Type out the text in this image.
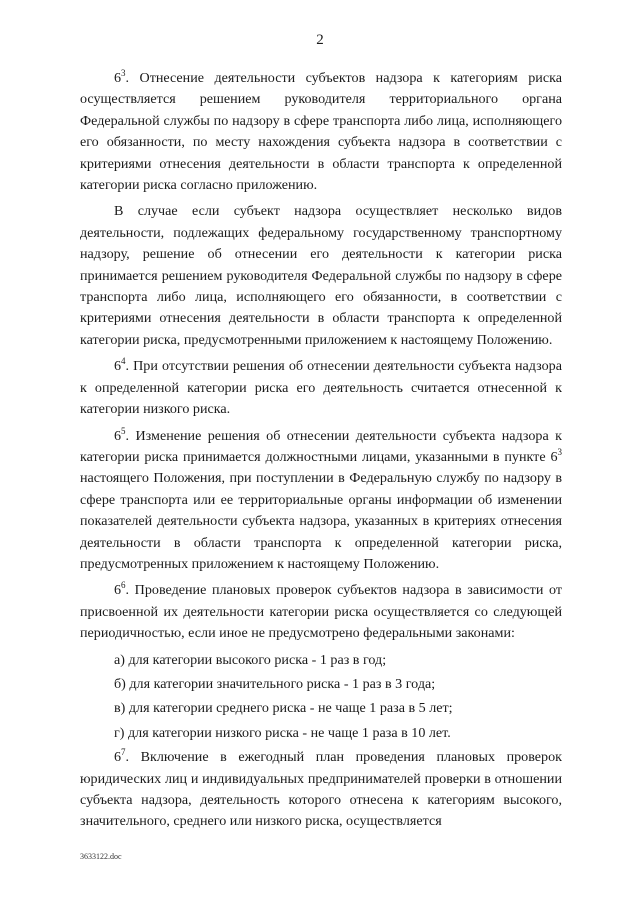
2

$6^3$. Отнесение деятельности субъектов надзора к категориям риска осуществляется решением руководителя территориального органа Федеральной службы по надзору в сфере транспорта либо лица, исполняющего его обязанности, по месту нахождения субъекта надзора в соответствии с критериями отнесения деятельности в области транспорта к определенной категории риска согласно приложению.

В случае если субъект надзора осуществляет несколько видов деятельности, подлежащих федеральному государственному транспортному надзору, решение об отнесении его деятельности к категории риска принимается решением руководителя Федеральной службы по надзору в сфере транспорта либо лица, исполняющего его обязанности, в соответствии с критериями отнесения деятельности в области транспорта к определенной категории риска, предусмотренными приложением к настоящему Положению.

$6^4$. При отсутствии решения об отнесении деятельности субъекта надзора к определенной категории риска его деятельность считается отнесенной к категории низкого риска.

$6^5$. Изменение решения об отнесении деятельности субъекта надзора к категории риска принимается должностными лицами, указанными в пункте $6^3$ настоящего Положения, при поступлении в Федеральную службу по надзору в сфере транспорта или ее территориальные органы информации об изменении показателей деятельности субъекта надзора, указанных в критериях отнесения деятельности в области транспорта к определенной категории риска, предусмотренных приложением к настоящему Положению.

$6^6$. Проведение плановых проверок субъектов надзора в зависимости от присвоенной их деятельности категории риска осуществляется со следующей периодичностью, если иное не предусмотрено федеральными законами:

а) для категории высокого риска - 1 раз в год;

б) для категории значительного риска - 1 раз в 3 года;

в) для категории среднего риска - не чаще 1 раза в 5 лет;

г) для категории низкого риска - не чаще 1 раза в 10 лет.

$6^7$. Включение в ежегодный план проведения плановых проверок юридических лиц и индивидуальных предпринимателей проверки в отношении субъекта надзора, деятельность которого отнесена к категориям высокого, значительного, среднего или низкого риска, осуществляется

3633122.doc
